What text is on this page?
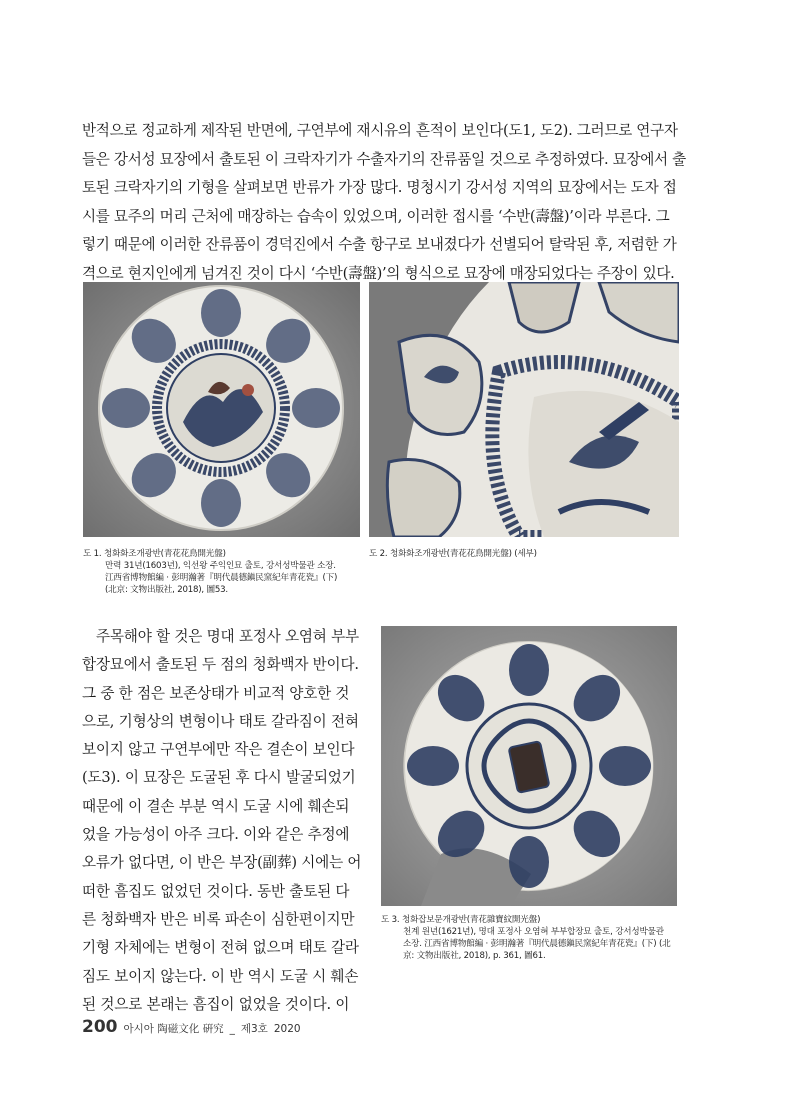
반적으로 정교하게 제작된 반면에, 구연부에 재시유의 흔적이 보인다(도1, 도2). 그러므로 연구자
들은 강서성 묘장에서 출토된 이 크락자기가 수출자기의 잔류품일 것으로 추정하였다. 묘장에서 출
토된 크락자기의 기형을 살펴보면 반류가 가장 많다. 명청시기 강서성 지역의 묘장에서는 도자 접
시를 묘주의 머리 근처에 매장하는 습속이 있었으며, 이러한 접시를 ‘수반(壽盤)’이라 부른다. 그
렇기 때문에 이러한 잔류품이 경덕진에서 수출 항구로 보내졌다가 선별되어 탈락된 후, 저렴한 가
격으로 현지인에게 넘겨진 것이 다시 ‘수반(壽盤)’의 형식으로 묘장에 매장되었다는 주장이 있다.
도 1. 청화화조개광반(青花花鳥開光盤)
만력 31년(1603년), 익선왕 주익인묘 출토, 강서성박물관 소장.
江西省博物館編 · 彭明瀚著『明代晨德鎭民窯紀年青花瓷』(下)
(北京: 文物出版社, 2018), 圖53.
도 2. 청화화조개광반(青花花鳥開光盤) (세부)
주목해야 할 것은 명대 포정사 오염혀 부부
합장묘에서 출토된 두 점의 청화백자 반이다.
그 중 한 점은 보존상태가 비교적 양호한 것
으로, 기형상의 변형이나 태토 갈라짐이 전혀
보이지 않고 구연부에만 작은 결손이 보인다
(도3). 이 묘장은 도굴된 후 다시 발굴되었기
때문에 이 결손 부분 역시 도굴 시에 훼손되
었을 가능성이 아주 크다. 이와 같은 추정에
오류가 없다면, 이 반은 부장(副葬) 시에는 어
떠한 흠집도 없었던 것이다. 동반 출토된 다
른 청화백자 반은 비록 파손이 심한편이지만
기형 자체에는 변형이 전혀 없으며 태토 갈라
짐도 보이지 않는다. 이 반 역시 도굴 시 훼손
된 것으로 본래는 흠집이 없었을 것이다. 이
도 3. 청화잡보문개광반(青花雜寶紋開光盤)
천계 원년(1621년), 명대 포정사 오염혀 부부합장묘 출토, 강서성박물관
소장. 江西省博物館編 · 彭明瀚著『明代晨德鎭民窯紀年青花瓷』(下) (北
京: 文物出版社, 2018), p. 361, 圖61.
200 아시아 陶磁文化 硏究 _ 제3호 2020
